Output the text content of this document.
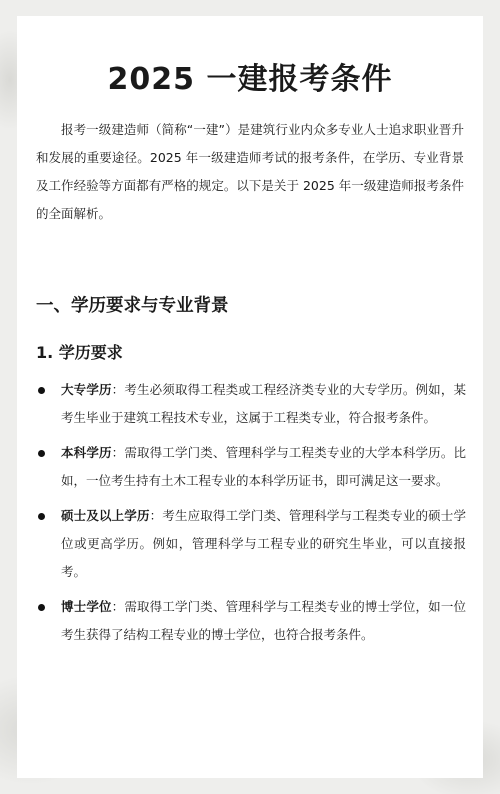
2025 一建报考条件

报考一级建造师（简称“一建”）是建筑行业内众多专业人士追求职业晋升和发展的重要途径。2025 年一级建造师考试的报考条件，在学历、专业背景及工作经验等方面都有严格的规定。以下是关于 2025 年一级建造师报考条件的全面解析。

一、学历要求与专业背景
1. 学历要求
大专学历：考生必须取得工程类或工程经济类专业的大专学历。例如，某考生毕业于建筑工程技术专业，这属于工程类专业，符合报考条件。
本科学历：需取得工学门类、管理科学与工程类专业的大学本科学历。比如，一位考生持有土木工程专业的本科学历证书，即可满足这一要求。
硕士及以上学历：考生应取得工学门类、管理科学与工程类专业的硕士学位或更高学历。例如，管理科学与工程专业的研究生毕业，可以直接报考。
博士学位：需取得工学门类、管理科学与工程类专业的博士学位，如一位考生获得了结构工程专业的博士学位，也符合报考条件。
